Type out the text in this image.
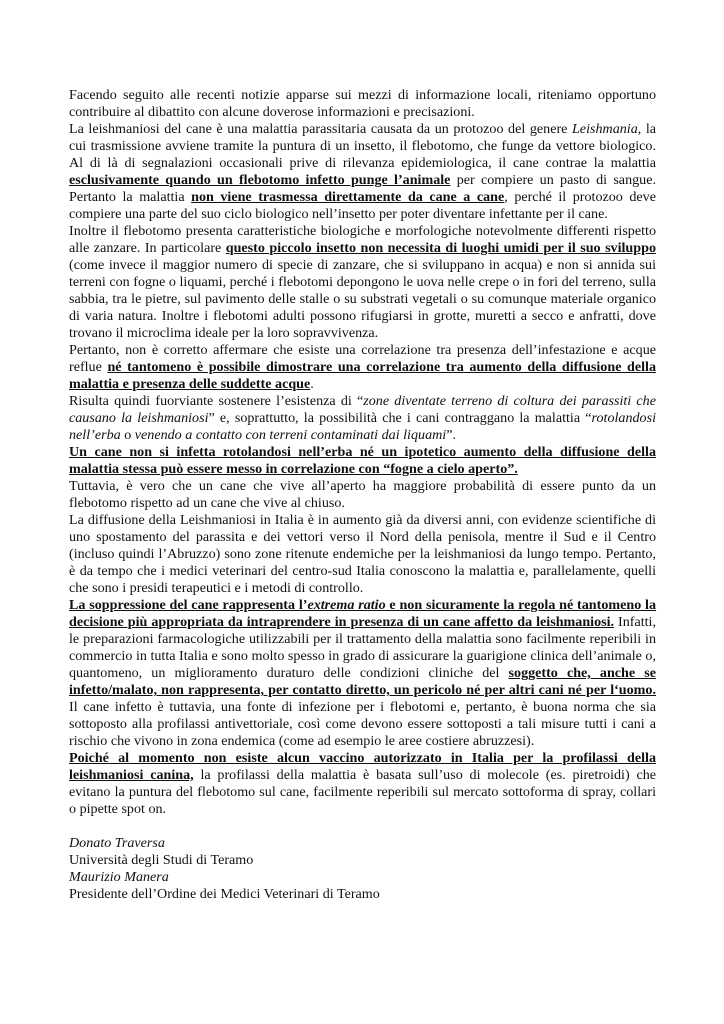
Facendo seguito alle recenti notizie apparse sui mezzi di informazione locali, riteniamo opportuno contribuire al dibattito con alcune doverose informazioni e precisazioni.

La leishmaniosi del cane è una malattia parassitaria causata da un protozoo del genere Leishmania, la cui trasmissione avviene tramite la puntura di un insetto, il flebotomo, che funge da vettore biologico. Al di là di segnalazioni occasionali prive di rilevanza epidemiologica, il cane contrae la malattia esclusivamente quando un flebotomo infetto punge l’animale per compiere un pasto di sangue. Pertanto la malattia non viene trasmessa direttamente da cane a cane, perché il protozoo deve compiere una parte del suo ciclo biologico nell’insetto per poter diventare infettante per il cane.

Inoltre il flebotomo presenta caratteristiche biologiche e morfologiche notevolmente differenti rispetto alle zanzare. In particolare questo piccolo insetto non necessita di luoghi umidi per il suo sviluppo (come invece il maggior numero di specie di zanzare, che si sviluppano in acqua) e non si annida sui terreni con fogne o liquami, perché i flebotomi depongono le uova nelle crepe o in fori del terreno, sulla sabbia, tra le pietre, sul pavimento delle stalle o su substrati vegetali o su comunque materiale organico di varia natura. Inoltre i flebotomi adulti possono rifugiarsi in grotte, muretti a secco e anfratti, dove trovano il microclima ideale per la loro sopravvivenza.

Pertanto, non è corretto affermare che esiste una correlazione tra presenza dell’infestazione e acque reflue né tantomeno è possibile dimostrare una correlazione tra aumento della diffusione della malattia e presenza delle suddette acque.

Risulta quindi fuorviante sostenere l’esistenza di “zone diventate terreno di coltura dei parassiti che causano la leishmaniosi” e, soprattutto, la possibilità che i cani contraggano la malattia “rotolandosi nell’erba o venendo a contatto con terreni contaminati dai liquami”.

Un cane non si infetta rotolandosi nell’erba né un ipotetico aumento della diffusione della malattia stessa può essere messo in correlazione con “fogne a cielo aperto”.

Tuttavia, è vero che un cane che vive all’aperto ha maggiore probabilità di essere punto da un flebotomo rispetto ad un cane che vive al chiuso.

La diffusione della Leishmaniosi in Italia è in aumento già da diversi anni, con evidenze scientifiche di uno spostamento del parassita e dei vettori verso il Nord della penisola, mentre il Sud e il Centro (incluso quindi l’Abruzzo) sono zone ritenute endemiche per la leishmaniosi da lungo tempo. Pertanto, è da tempo che i medici veterinari del centro-sud Italia conoscono la malattia e, parallelamente, quelli che sono i presidi terapeutici e i metodi di controllo.

La soppressione del cane rappresenta l’extrema ratio e non sicuramente la regola né tantomeno la decisione più appropriata da intraprendere in presenza di un cane affetto da leishmaniosi. Infatti, le preparazioni farmacologiche utilizzabili per il trattamento della malattia sono facilmente reperibili in commercio in tutta Italia e sono molto spesso in grado di assicurare la guarigione clinica dell’animale o, quantomeno, un miglioramento duraturo delle condizioni cliniche del soggetto che, anche se infetto/malato, non rappresenta, per contatto diretto, un pericolo né per altri cani né per l‘uomo. Il cane infetto è tuttavia, una fonte di infezione per i flebotomi e, pertanto, è buona norma che sia sottoposto alla profilassi antivettoriale, così come devono essere sottoposti a tali misure tutti i cani a rischio che vivono in zona endemica (come ad esempio le aree costiere abruzzesi).

Poiché al momento non esiste alcun vaccino autorizzato in Italia per la profilassi della leishmaniosi canina, la profilassi della malattia è basata sull’uso di molecole (es. piretroidi) che evitano la puntura del flebotomo sul cane, facilmente reperibili sul mercato sottoforma di spray, collari o pipette spot on.

Donato Traversa

Università degli Studi di Teramo

Maurizio Manera

Presidente dell’Ordine dei Medici Veterinari di Teramo
